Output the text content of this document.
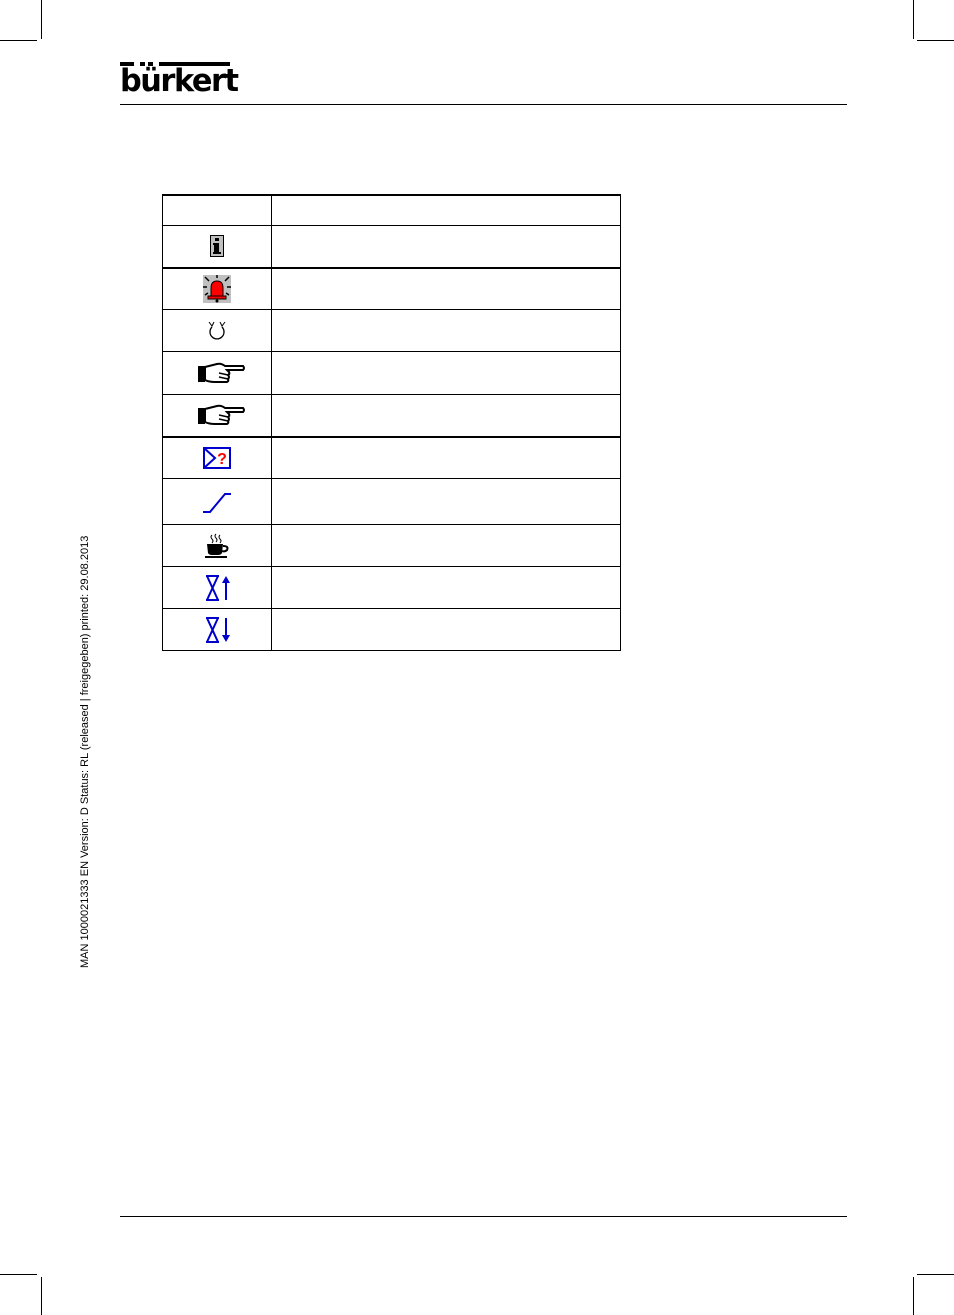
bürkert
MAN 1000021333 EN Version: D Status: RL (released | freigegeben) printed: 29.08.2013

?	
